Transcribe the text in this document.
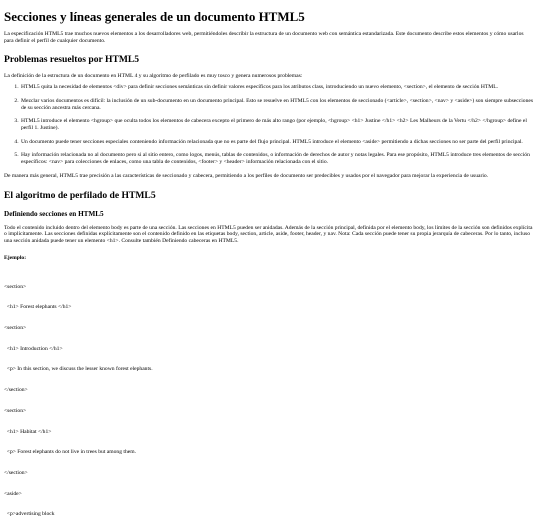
Secciones y líneas generales de un documento HTML5

La especificación HTML5 trae muchos nuevos elementos a los desarrolladores web, permitiéndoles describir la estructura de un documento web con semántica estandarizada. Este documento describe estos elementos y cómo usarlos para definir el perfil de cualquier documento.

Problemas resueltos por HTML5

La definición de la estructura de un documento en HTML 4 y su algoritmo de perfilado es muy tosco y genera numerosos problemas:

1. HTML5 quita la necesidad de elementos <div> para definir secciones semánticas sin definir valores específicos para los atributos class, introduciendo un nuevo elemento, <section>, el elemento de sección HTML.
2. Mezclar varios documentos es difícil: la inclusión de un sub-documento en un documento principal. Esto se resuelve en HTML5 con los elementos de seccionado (<article>, <section>, <nav> y <aside>) son siempre subsecciones de su sección ancestra más cercana.
3. HTML5 introduce el elemento <hgroup> que oculta todos los elementos de cabecera excepto el primero de más alto rango (por ejemplo, <hgroup> <h1> Justine </h1> <h2> Les Malheurs de la Vertu </h2> </hgroup> define el perfil 1. Justine).
4. Un documento puede tener secciones especiales conteniendo información relacionada que no es parte del flujo principal. HTML5 introduce el elemento <aside> permitiendo a dichas secciones no ser parte del perfil principal.
5. Hay información relacionada no al documento pero si al sitio entero, como logos, menús, tablas de contenidos, o información de derechos de autor y notas legales. Para ese propósito, HTML5 introduce tres elementos de sección específicos: <nav> para colecciones de enlaces, como una tabla de contenidos, <footer> y <header> información relacionada con el sitio.

De manera más general, HTML5 trae precisión a las características de seccionado y cabecera, permitiendo a los perfiles de documento ser predecibles y usados por el navegador para mejorar la experiencia de usuario.

El algoritmo de perfilado de HTML5
Definiendo secciones en HTML5

Todo el contenido incluido dentro del elemento body es parte de una sección. Las secciones en HTML5 pueden ser anidadas. Además de la sección principal, definida por el elemento body, los límites de la sección son definidos explícita o implícitamente. Las secciones definidas explícitamente son el contenido definido en las etiquetas body, section, article, aside, footer, header, y nav. Nota: Cada sección puede tener su propia jerarquía de cabeceras. Por lo tanto, incluso una sección anidada puede tener un elemento <h1>. Consulte también Definiendo cabeceras en HTML5.

Ejemplo:

<section>

<h1> Forest elephants </h1>

<section>

<h1> Introduction </h1>

<p> In this section, we discuss the lesser known forest elephants.

</section>

<section>

<h1> Habitat </h1>

<p> Forest elephants do not live in trees but among them.

</section>

<aside>

<p>advertising block
